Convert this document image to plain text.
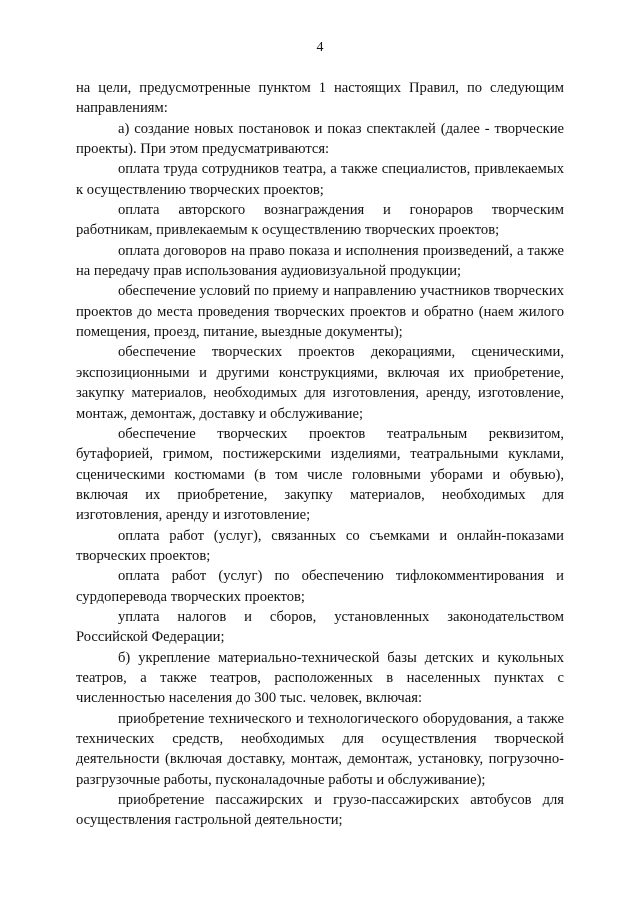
4

на цели, предусмотренные пунктом 1 настоящих Правил, по следующим направлениям:

а) создание новых постановок и показ спектаклей (далее - творческие проекты). При этом предусматриваются:

оплата труда сотрудников театра, а также специалистов, привлекаемых к осуществлению творческих проектов;

оплата авторского вознаграждения и гонораров творческим работникам, привлекаемым к осуществлению творческих проектов;

оплата договоров на право показа и исполнения произведений, а также на передачу прав использования аудиовизуальной продукции;

обеспечение условий по приему и направлению участников творческих проектов до места проведения творческих проектов и обратно (наем жилого помещения, проезд, питание, выездные документы);

обеспечение творческих проектов декорациями, сценическими, экспозиционными и другими конструкциями, включая их приобретение, закупку материалов, необходимых для изготовления, аренду, изготовление, монтаж, демонтаж, доставку и обслуживание;

обеспечение творческих проектов театральным реквизитом, бутафорией, гримом, постижерскими изделиями, театральными куклами, сценическими костюмами (в том числе головными уборами и обувью), включая их приобретение, закупку материалов, необходимых для изготовления, аренду и изготовление;

оплата работ (услуг), связанных со съемками и онлайн-показами творческих проектов;

оплата работ (услуг) по обеспечению тифлокомментирования и сурдоперевода творческих проектов;

уплата налогов и сборов, установленных законодательством Российской Федерации;

б) укрепление материально-технической базы детских и кукольных театров, а также театров, расположенных в населенных пунктах с численностью населения до 300 тыс. человек, включая:

приобретение технического и технологического оборудования, а также технических средств, необходимых для осуществления творческой деятельности (включая доставку, монтаж, демонтаж, установку, погрузочно-разгрузочные работы, пусконаладочные работы и обслуживание);

приобретение пассажирских и грузо-пассажирских автобусов для осуществления гастрольной деятельности;
